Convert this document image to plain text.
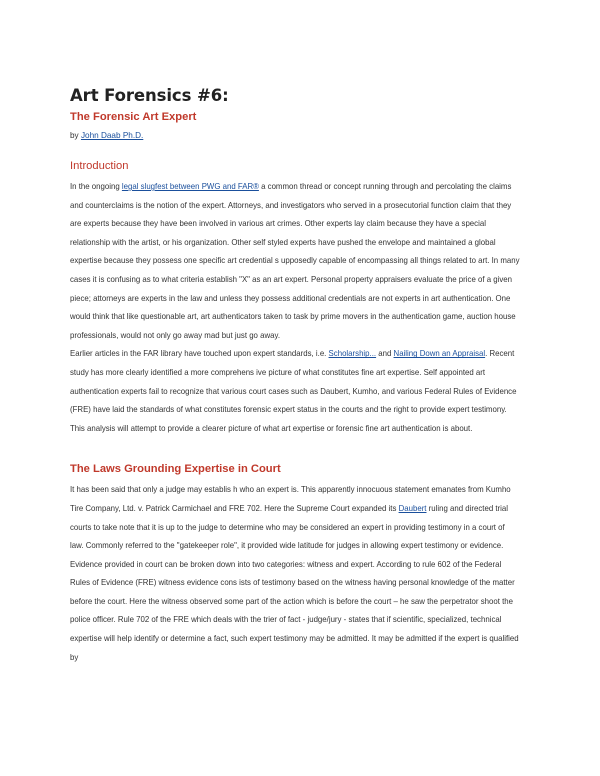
Art Forensics #6:
The Forensic Art Expert
by John Daab Ph.D.
Introduction

In the ongoing legal slugfest between PWG and FAR® a common thread or concept running through and percolating the claims and counterclaims is the notion of the expert. Attorneys, and investigators who served in a prosecutorial function claim that they are experts because they have been involved in various art crimes. Other experts lay claim because they have a special relationship with the artist, or his organization. Other self styled experts have pushed the envelope and maintained a global expertise because they possess one specific art credential s upposedly capable of encompassing all things related to art. In many cases it is confusing as to what criteria establish "X" as an art expert. Personal property appraisers evaluate the price of a given piece; attorneys are experts in the law and unless they possess additional credentials are not experts in art authentication. One would think that like questionable art, art authenticators taken to task by prime movers in the authentication game, auction house professionals, would not only go away mad but just go away.

Earlier articles in the FAR library have touched upon expert standards, i.e. Scholarship... and Nailing Down an Appraisal. Recent study has more clearly identified a more comprehens ive picture of what constitutes fine art expertise. Self appointed art authentication experts fail to recognize that various court cases such as Daubert, Kumho, and various Federal Rules of Evidence (FRE) have laid the standards of what constitutes forensic expert status in the courts and the right to provide expert testimony. This analysis will attempt to provide a clearer picture of what art expertise or forensic fine art authentication is about.

The Laws Grounding Expertise in Court

It has been said that only a judge may establis h who an expert is. This apparently innocuous statement emanates from Kumho Tire Company, Ltd. v. Patrick Carmichael and FRE 702. Here the Supreme Court expanded its Daubert ruling and directed trial courts to take note that it is up to the judge to determine who may be considered an expert in providing testimony in a court of law. Commonly referred to the "gatekeeper role", it provided wide latitude for judges in allowing expert testimony or evidence. Evidence provided in court can be broken down into two categories: witness and expert. According to rule 602 of the Federal Rules of Evidence (FRE) witness evidence cons ists of testimony based on the witness having personal knowledge of the matter before the court. Here the witness observed some part of the action which is before the court – he saw the perpetrator shoot the police officer. Rule 702 of the FRE which deals with the trier of fact - judge/jury - states that if scientific, specialized, technical expertise will help identify or determine a fact, such expert testimony may be admitted. It may be admitted if the expert is qualified by
